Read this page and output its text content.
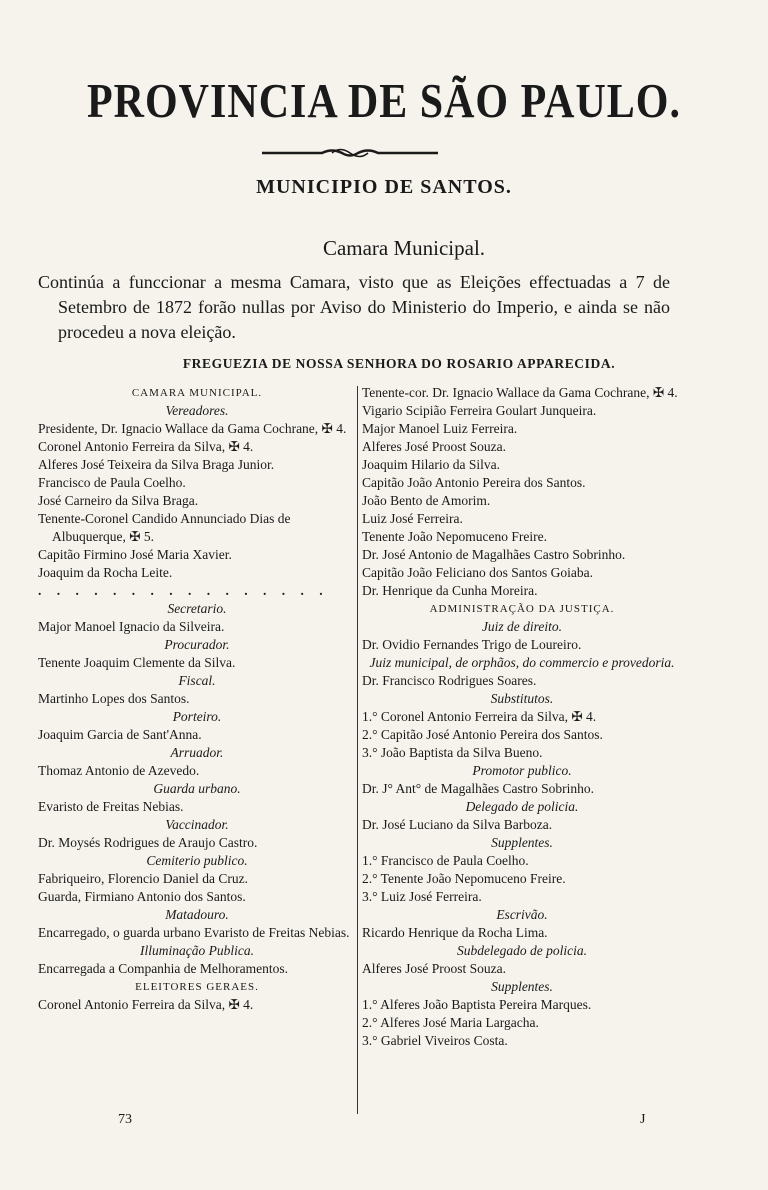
PROVINCIA DE SÃO PAULO.
MUNICIPIO DE SANTOS.
Camara Municipal.

Continúa a funccionar a mesma Camara, visto que as Eleições effectuadas a 7 de Setembro de 1872 forão nullas por Aviso do Ministerio do Imperio, e ainda se não procedeu a nova eleição.

FREGUEZIA DE NOSSA SENHORA DO ROSARIO APPARECIDA.
CAMARA MUNICIPAL.
Vereadores.
Presidente, Dr. Ignacio Wallace da Gama Cochrane, ✠ 4.
Coronel Antonio Ferreira da Silva, ✠ 4.
Alferes José Teixeira da Silva Braga Junior.
Francisco de Paula Coelho.
José Carneiro da Silva Braga.
Tenente-Coronel Candido Annunciado Dias de Albuquerque, ✠ 5.
Capitão Firmino José Maria Xavier.
Joaquim da Rocha Leite.
. . . . . . . . . . . . . . . .
Secretario.
Major Manoel Ignacio da Silveira.
Procurador.
Tenente Joaquim Clemente da Silva.
Fiscal.
Martinho Lopes dos Santos.
Porteiro.
Joaquim Garcia de Sant'Anna.
Arruador.
Thomaz Antonio de Azevedo.
Guarda urbano.
Evaristo de Freitas Nebias.
Vaccinador.
Dr. Moysés Rodrigues de Araujo Castro.
Cemiterio publico.
Fabriqueiro, Florencio Daniel da Cruz.
Guarda, Firmiano Antonio dos Santos.
Matadouro.
Encarregado, o guarda urbano Evaristo de Freitas Nebias.
Illuminação Publica.
Encarregada a Companhia de Melhoramentos.
ELEITORES GERAES.
Coronel Antonio Ferreira da Silva, ✠ 4.
Tenente-cor. Dr. Ignacio Wallace da Gama Cochrane, ✠ 4.
Vigario Scipião Ferreira Goulart Junqueira.
Major Manoel Luiz Ferreira.
Alferes José Proost Souza.
Joaquim Hilario da Silva.
Capitão João Antonio Pereira dos Santos.
João Bento de Amorim.
Luiz José Ferreira.
Tenente João Nepomuceno Freire.
Dr. José Antonio de Magalhães Castro Sobrinho.
Capitão João Feliciano dos Santos Goiaba.
Dr. Henrique da Cunha Moreira.
ADMINISTRAÇÃO DA JUSTIÇA.
Juiz de direito.
Dr. Ovidio Fernandes Trigo de Loureiro.
Juiz municipal, de orphãos, do commercio e provedoria.
Dr. Francisco Rodrigues Soares.
Substitutos.
1.° Coronel Antonio Ferreira da Silva, ✠ 4.
2.° Capitão José Antonio Pereira dos Santos.
3.° João Baptista da Silva Bueno.
Promotor publico.
Dr. J° Ant° de Magalhães Castro Sobrinho.
Delegado de policia.
Dr. José Luciano da Silva Barboza.
Supplentes.
1.° Francisco de Paula Coelho.
2.° Tenente João Nepomuceno Freire.
3.° Luiz José Ferreira.
Escrivão.
Ricardo Henrique da Rocha Lima.
Subdelegado de policia.
Alferes José Proost Souza.
Supplentes.
1.° Alferes João Baptista Pereira Marques.
2.° Alferes José Maria Largacha.
3.° Gabriel Viveiros Costa.
73	J
